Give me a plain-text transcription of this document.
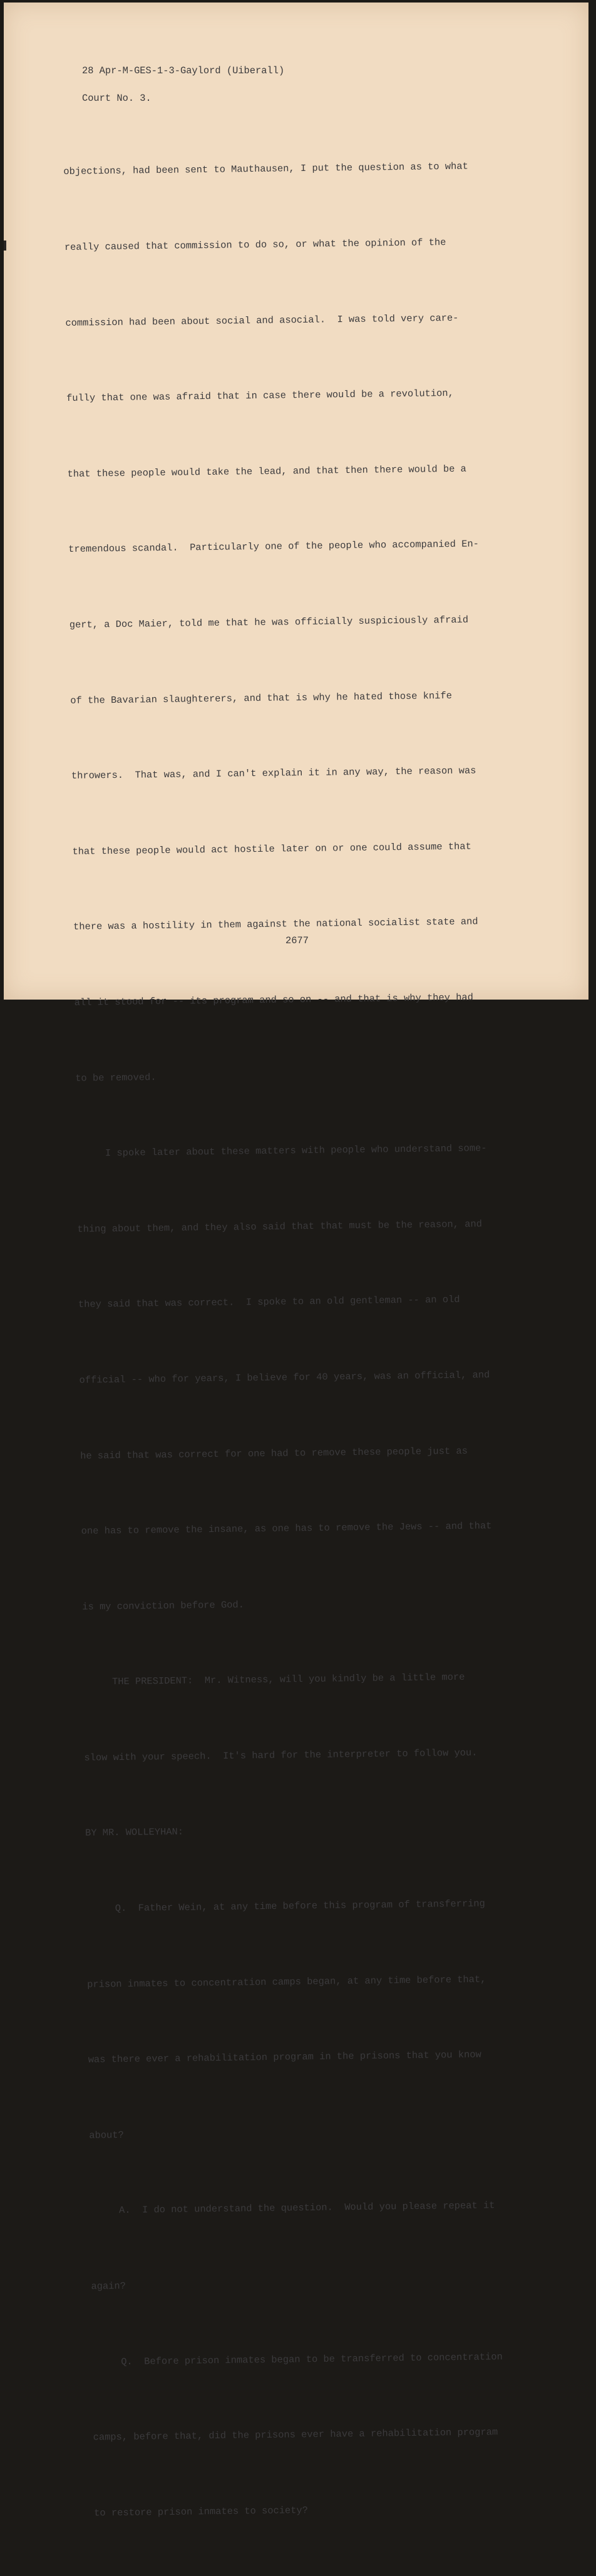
28 Apr-M-GES-1-3-Gaylord (Uiberall)

Court No. 3.

objections, had been sent to Mauthausen, I put the question as to what

really caused that commission to do so, or what the opinion of the

commission had been about social and asocial.  I was told very care-

fully that one was afraid that in case there would be a revolution,

that these people would take the lead, and that then there would be a

tremendous scandal.  Particularly one of the people who accompanied En-

gert, a Doc Maier, told me that he was officially suspiciously afraid

of the Bavarian slaughterers, and that is why he hated those knife

throwers.  That was, and I can't explain it in any way, the reason was

that these people would act hostile later on or one could assume that

there was a hostility in them against the national socialist state and

all it stood for -- its program and so on -- and that is why they had

to be removed.

I spoke later about these matters with people who understand some-

thing about them, and they also said that that must be the reason, and

they said that was correct.  I spoke to an old gentleman -- an old

official -- who for years, I believe for 40 years, was an official, and

he said that was correct for one had to remove these people just as

one has to remove the insane, as one has to remove the Jews -- and that

is my conviction before God.

THE PRESIDENT:  Mr. Witness, will you kindly be a little more

slow with your speech.  It's hard for the interpreter to follow you.

BY MR. WOLLEYHAN:

Q.  Father Wein, at any time before this program of transferring

prison inmates to concentration camps began, at any time before that,

was there ever a rehabilitation program in the prisons that you know

about?

A.  I do not understand the question.  Would you please repeat it

again?

Q.  Before prison inmates began to be transferred to concentration

camps, before that, did the prisons ever have a rehabilitation program

to restore prison inmates to society?

2677
